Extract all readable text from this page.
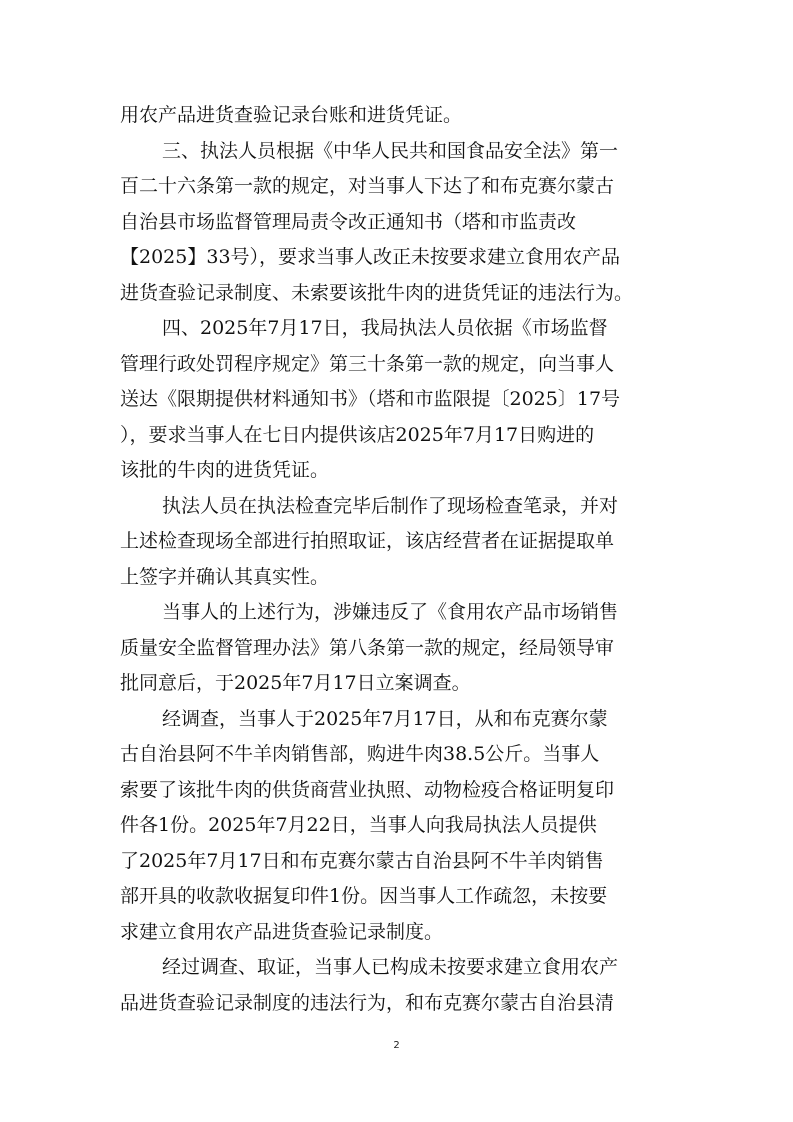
用农产品进货查验记录台账和进货凭证。
三、执法人员根据《中华人民共和国食品安全法》第一
百二十六条第一款的规定，对当事人下达了和布克赛尔蒙古
自治县市场监督管理局责令改正通知书（塔和市监责改
【2025】33号），要求当事人改正未按要求建立食用农产品
进货查验记录制度、未索要该批牛肉的进货凭证的违法行为。
四、2025年7月17日，我局执法人员依据《市场监督
管理行政处罚程序规定》第三十条第一款的规定，向当事人
送达《限期提供材料通知书》（塔和市监限提〔2025〕17号
），要求当事人在七日内提供该店2025年7月17日购进的
该批的牛肉的进货凭证。
执法人员在执法检查完毕后制作了现场检查笔录，并对
上述检查现场全部进行拍照取证，该店经营者在证据提取单
上签字并确认其真实性。
当事人的上述行为，涉嫌违反了《食用农产品市场销售
质量安全监督管理办法》第八条第一款的规定，经局领导审
批同意后，于2025年7月17日立案调查。
经调查，当事人于2025年7月17日，从和布克赛尔蒙
古自治县阿不牛羊肉销售部，购进牛肉38.5公斤。当事人
索要了该批牛肉的供货商营业执照、动物检疫合格证明复印
件各1份。2025年7月22日，当事人向我局执法人员提供
了2025年7月17日和布克赛尔蒙古自治县阿不牛羊肉销售
部开具的收款收据复印件1份。因当事人工作疏忽，未按要
求建立食用农产品进货查验记录制度。
经过调查、取证，当事人已构成未按要求建立食用农产
品进货查验记录制度的违法行为，和布克赛尔蒙古自治县清
2
